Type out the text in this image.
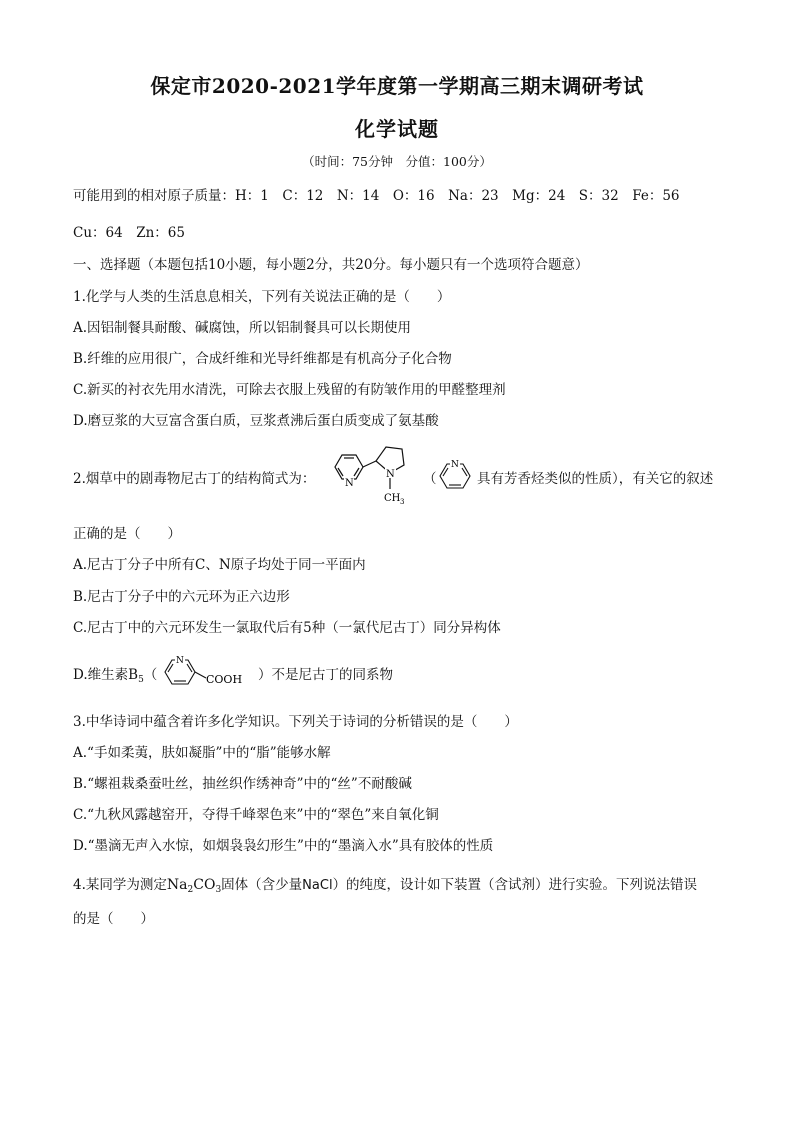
保定市2020-2021学年度第一学期高三期末调研考试
化学试题
（时间：75分钟　分值：100分）
可能用到的相对原子质量：H：1　C：12　N：14　O：16　Na：23　Mg：24　S：32　Fe：56
Cu：64　Zn：65
一、选择题（本题包括10小题，每小题2分，共20分。每小题只有一个选项符合题意）
1.化学与人类的生活息息相关，下列有关说法正确的是（　　）
A.因铝制餐具耐酸、碱腐蚀，所以铝制餐具可以长期使用
B.纤维的应用很广，合成纤维和光导纤维都是有机高分子化合物
C.新买的衬衣先用水清洗，可除去衣服上残留的有防皱作用的甲醛整理剂
D.磨豆浆的大豆富含蛋白质，豆浆煮沸后蛋白质变成了氨基酸
2.烟草中的剧毒物尼古丁的结构简式为：	N
N
CH 3
（
N
具有芳香烃类似的性质），有关它的叙述
正确的是（　　）
A.尼古丁分子中所有C、N原子均处于同一平面内
B.尼古丁分子中的六元环为正六边形
C.尼古丁中的六元环发生一氯取代后有5种（一氯代尼古丁）同分异构体
D.维生素$B_5$（
N
COOH ）不是尼古丁的同系物
3.中华诗词中蕴含着许多化学知识。下列关于诗词的分析错误的是（　　）
A.“手如柔荑，肤如凝脂”中的“脂”能够水解
B.“螺祖栽桑蚕吐丝，抽丝织作绣神奇”中的“丝”不耐酸碱
C.“九秋风露越窑开，夺得千峰翠色来”中的“翠色”来自氧化铜
D.“墨滴无声入水惊，如烟袅袅幻形生”中的“墨滴入水”具有胶体的性质
4.某同学为测定$Na_2CO_3$固体（含少量NaCl）的纯度，设计如下装置（含试剂）进行实验。下列说法错误
的是（　　）
